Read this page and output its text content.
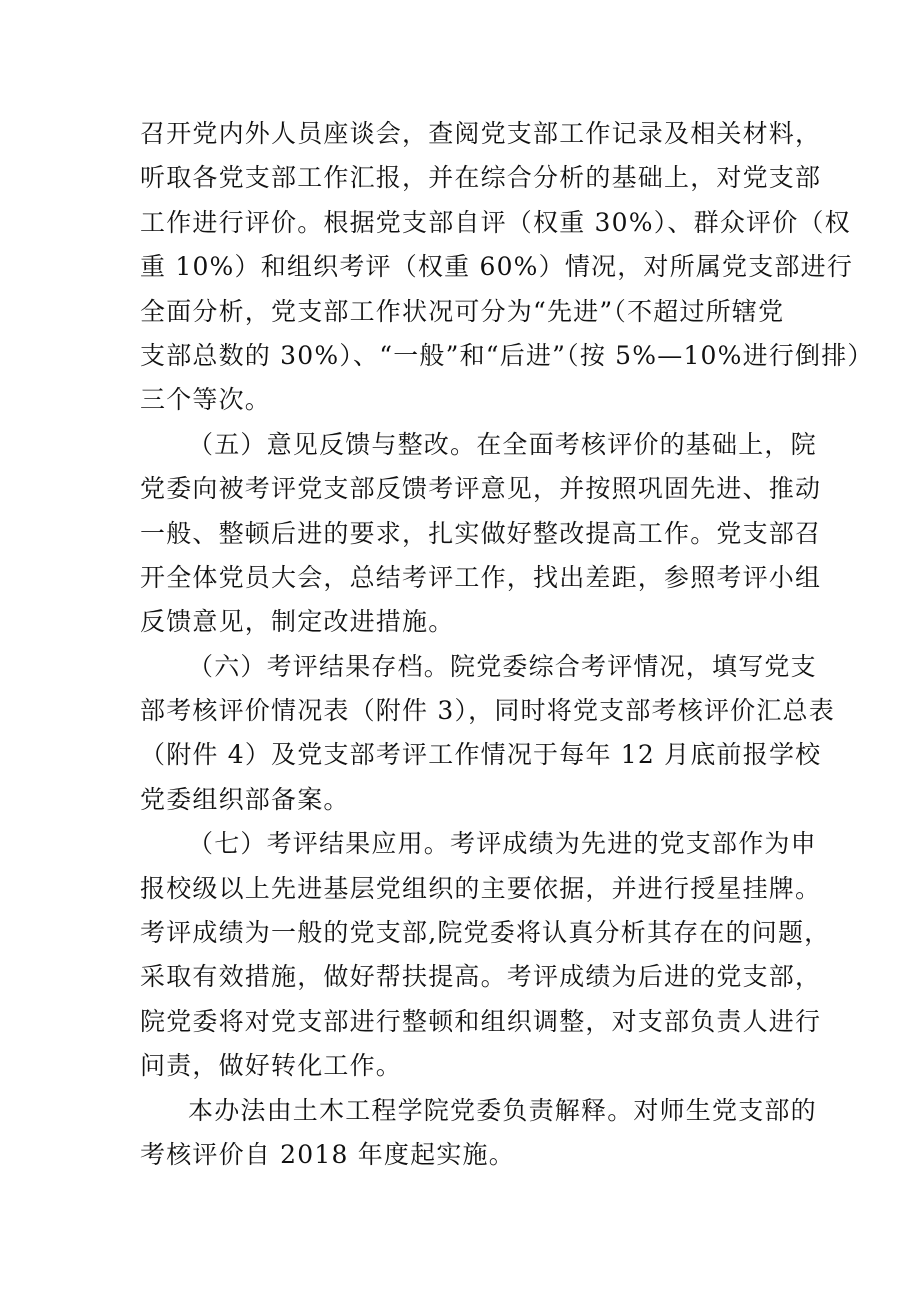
召开党内外人员座谈会，查阅党支部工作记录及相关材料，
听取各党支部工作汇报，并在综合分析的基础上，对党支部
工作进行评价。根据党支部自评（权重 30%）、群众评价（权
重 10%）和组织考评（权重 60%）情况，对所属党支部进行
全面分析，党支部工作状况可分为“先进”（不超过所辖党
支部总数的 30%）、“一般”和“后进”（按 5%—10%进行倒排）
三个等次。
（五）意见反馈与整改。在全面考核评价的基础上，院
党委向被考评党支部反馈考评意见，并按照巩固先进、推动
一般、整顿后进的要求，扎实做好整改提高工作。党支部召
开全体党员大会，总结考评工作，找出差距，参照考评小组
反馈意见，制定改进措施。
（六）考评结果存档。院党委综合考评情况，填写党支
部考核评价情况表（附件 3），同时将党支部考核评价汇总表
（附件 4）及党支部考评工作情况于每年 12 月底前报学校
党委组织部备案。
（七）考评结果应用。考评成绩为先进的党支部作为申
报校级以上先进基层党组织的主要依据，并进行授星挂牌。
考评成绩为一般的党支部,院党委将认真分析其存在的问题，
采取有效措施，做好帮扶提高。考评成绩为后进的党支部，
院党委将对党支部进行整顿和组织调整，对支部负责人进行
问责，做好转化工作。
本办法由土木工程学院党委负责解释。对师生党支部的
考核评价自 2018 年度起实施。
